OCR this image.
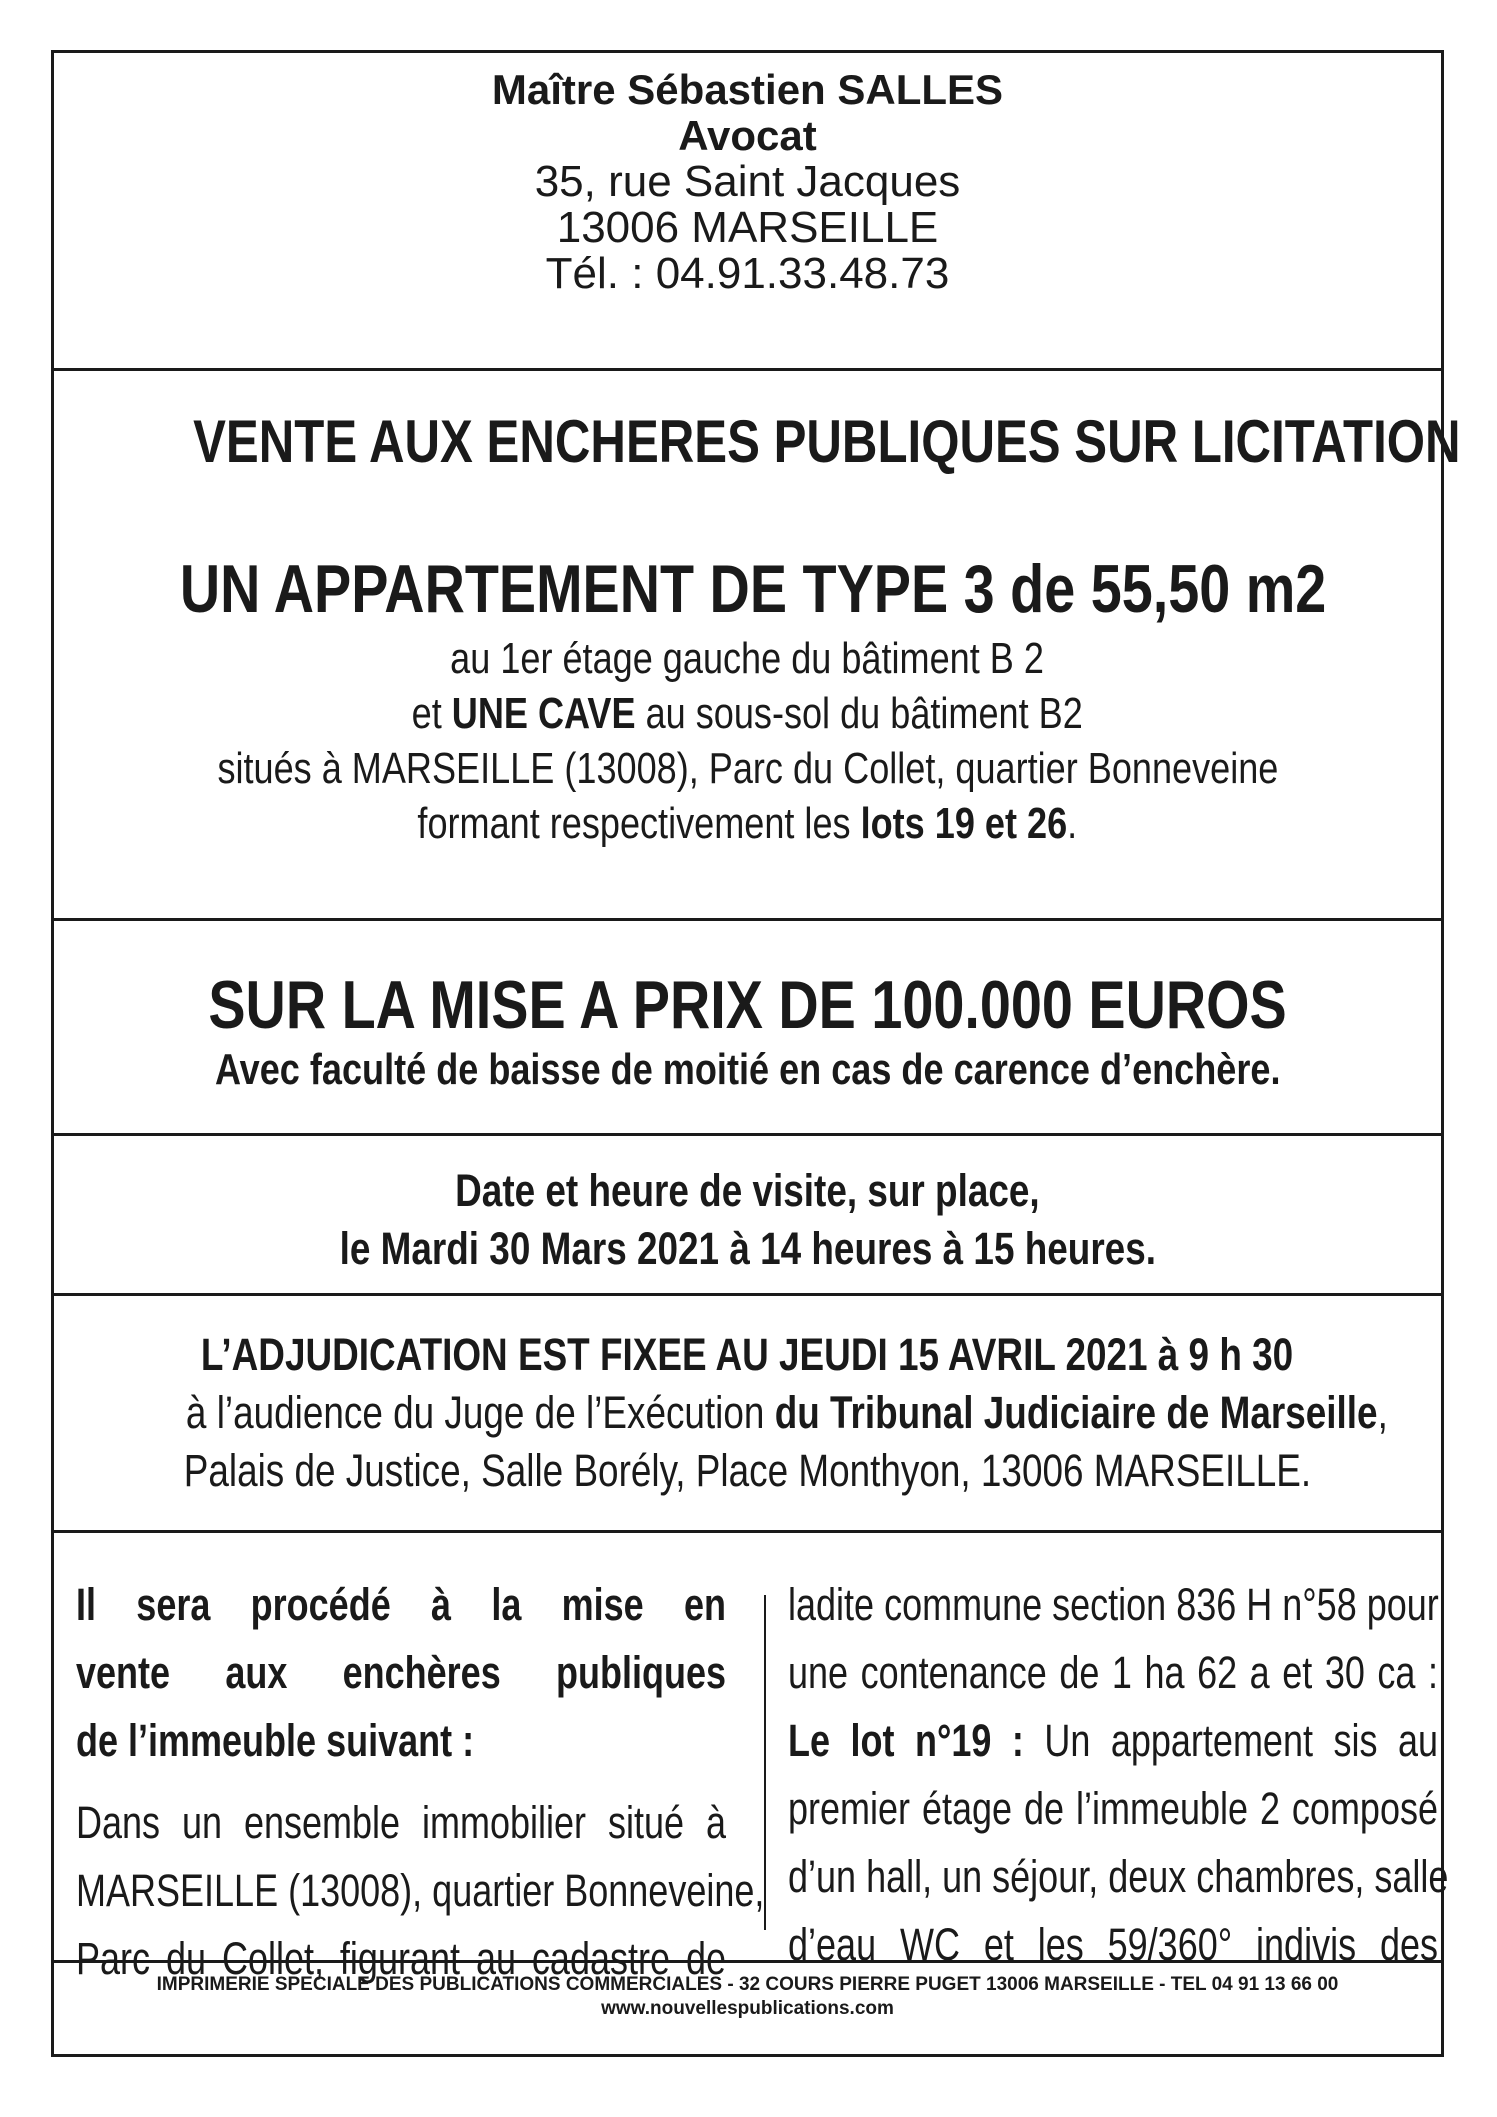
Maître Sébastien SALLES
Avocat
35, rue Saint Jacques
13006 MARSEILLE
Tél. : 04.91.33.48.73
VENTE AUX ENCHERES PUBLIQUES SUR LICITATION
UN APPARTEMENT DE TYPE 3 de 55,50 m2
au 1er étage gauche du bâtiment B 2
et UNE CAVE au sous-sol du bâtiment B2
situés à MARSEILLE (13008), Parc du Collet, quartier Bonneveine
formant respectivement les lots 19 et 26.
SUR LA MISE A PRIX DE 100.000 EUROS
Avec faculté de baisse de moitié en cas de carence d’enchère.
Date et heure de visite, sur place,
le Mardi 30 Mars 2021 à 14 heures à 15 heures.
L’ADJUDICATION EST FIXEE AU JEUDI 15 AVRIL 2021 à 9 h 30
à l’audience du Juge de l’Exécution du Tribunal Judiciaire de Marseille,
Palais de Justice, Salle Borély, Place Monthyon, 13006 MARSEILLE.
Il sera procédé à la mise en
vente aux enchères publiques
de l’immeuble suivant :
Dans un ensemble immobilier situé à
MARSEILLE (13008), quartier Bonneveine,
Parc du Collet, figurant au cadastre de
ladite commune section 836 H n°58 pour
une contenance de 1 ha 62 a et 30 ca :
Le lot n°19 : Un appartement sis au
premier étage de l’immeuble 2 composé
d’un hall, un séjour, deux chambres, salle
d’eau WC et les 59/360° indivis des
IMPRIMERIE SPECIALE DES PUBLICATIONS COMMERCIALES - 32 COURS PIERRE PUGET 13006 MARSEILLE - TEL 04 91 13 66 00
www.nouvellespublications.com
